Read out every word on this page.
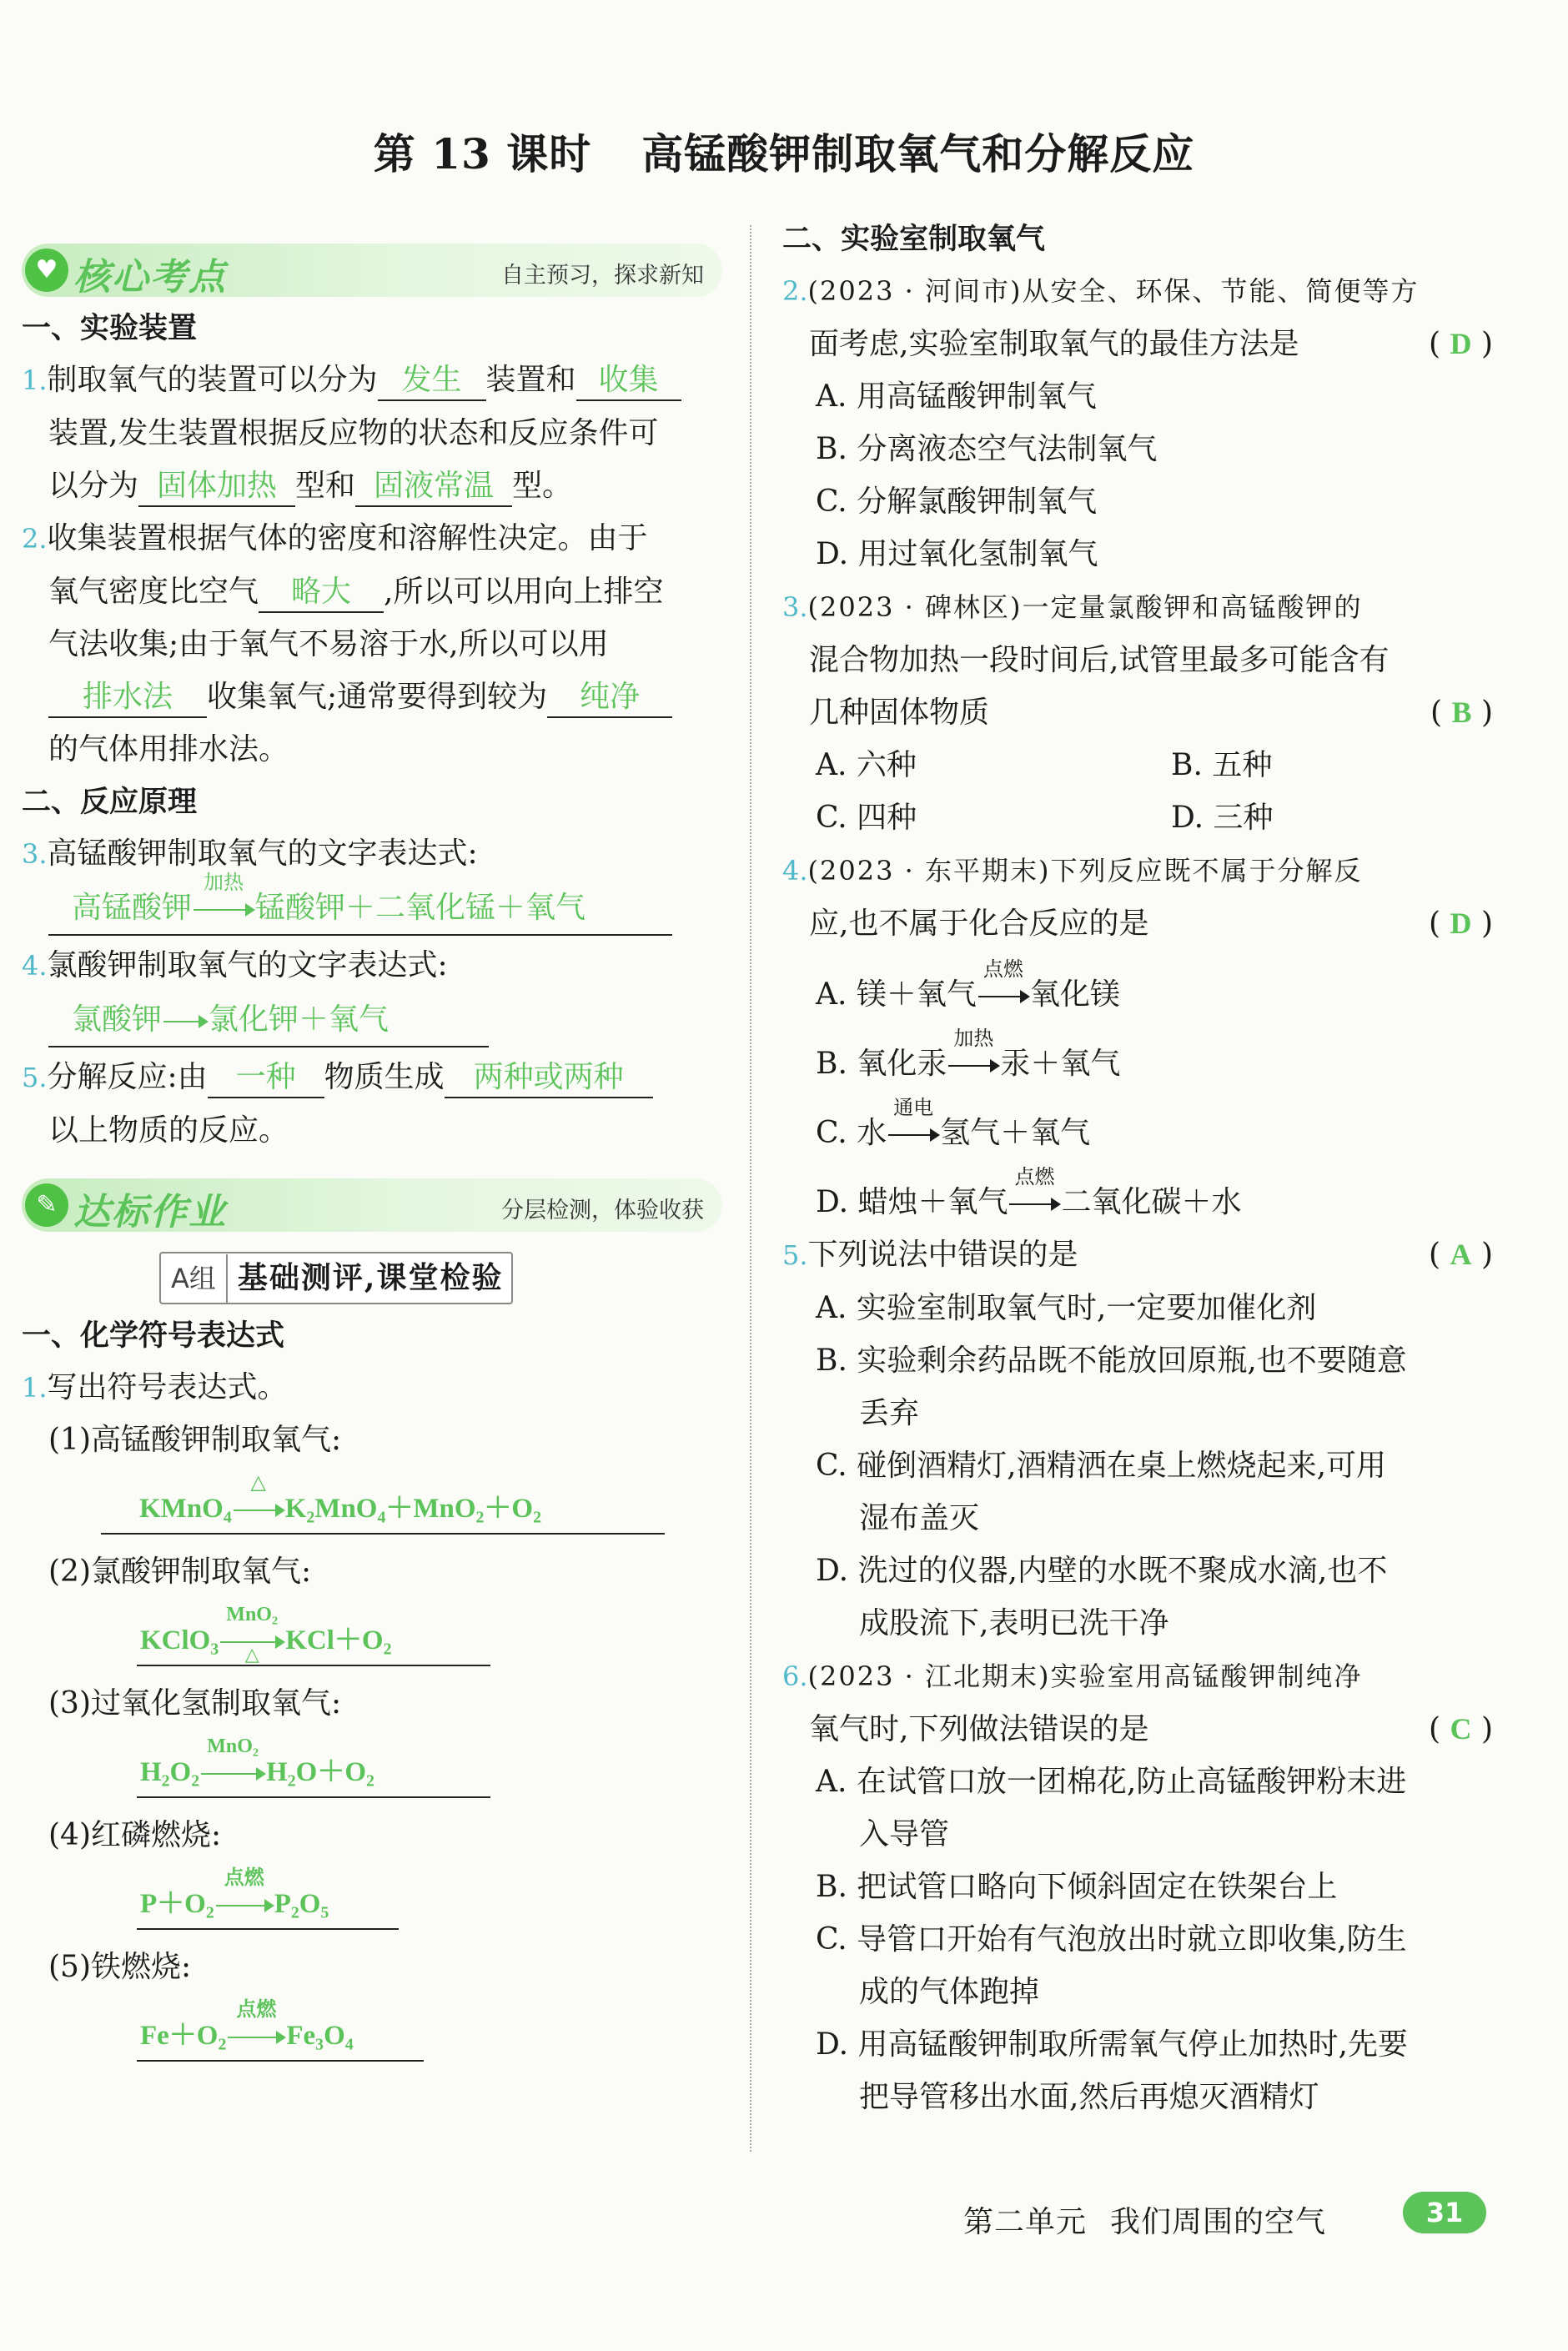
第 13 课时 高锰酸钾制取氧气和分解反应
♥ 核心考点	自主预习，探求新知
一、实验装置

1.制取氧气的装置可以分为 发生 装置和 收集

装置,发生装置根据反应物的状态和反应条件可

以分为 固体加热 型和 固液常温 型。

2.收集装置根据气体的密度和溶解性决定。由于

氧气密度比空气 略大 ,所以可以用向上排空

气法收集;由于氧气不易溶于水,所以可以用

排水法 收集氧气;通常要得到较为 纯净

的气体用排水法。

二、反应原理

3.高锰酸钾制取氧气的文字表达式:

高锰酸钾
加热
锰酸钾＋二氧化锰＋氧气

4.氯酸钾制取氧气的文字表达式:

氯酸钾 氯化钾＋氧气

5.分解反应:由 一种 物质生成 两种或两种

以上物质的反应。

✎ 达标作业	分层检测，体验收获
A组 基础测评,课堂检验
一、化学符号表达式

1.写出符号表达式。

(1)高锰酸钾制取氧气:
KMnO₄
△
K₂MnO₄＋MnO₂＋O₂
(2)氯酸钾制取氧气:
KClO₃
MnO₂
△ KCl＋O₂
(3)过氧化氢制取氧气:
H₂O₂
MnO₂
H₂O＋O₂
(4)红磷燃烧:
P＋O₂
点燃
P₂O₅
(5)铁燃烧:
Fe＋O₂
点燃
Fe₃O₄
二、实验室制取氧气

2.(2023 · 河间市)从安全、环保、节能、简便等方

面考虑,实验室制取氧气的最佳方法是	( D )

A. 用高锰酸钾制氧气

B. 分离液态空气法制氧气

C. 分解氯酸钾制氧气

D. 用过氧化氢制氧气

3.(2023 · 碑林区)一定量氯酸钾和高锰酸钾的

混合物加热一段时间后,试管里最多可能含有

几种固体物质	( B )

A. 六种	B. 五种

C. 四种	D. 三种

4.(2023 · 东平期末)下列反应既不属于分解反

应,也不属于化合反应的是	( D )

A. 镁＋氧气
点燃
氧化镁

B. 氧化汞
加热
汞＋氧气

C. 水
通电
氢气＋氧气

D. 蜡烛＋氧气
点燃
二氧化碳＋水

5.下列说法中错误的是	( A )

A. 实验室制取氧气时,一定要加催化剂

B. 实验剩余药品既不能放回原瓶,也不要随意

丢弃

C. 碰倒酒精灯,酒精洒在桌上燃烧起来,可用

湿布盖灭

D. 洗过的仪器,内壁的水既不聚成水滴,也不

成股流下,表明已洗干净

6.(2023 · 江北期末)实验室用高锰酸钾制纯净

氧气时,下列做法错误的是	( C )

A. 在试管口放一团棉花,防止高锰酸钾粉末进

入导管

B. 把试管口略向下倾斜固定在铁架台上

C. 导管口开始有气泡放出时就立即收集,防生

成的气体跑掉

D. 用高锰酸钾制取所需氧气停止加热时,先要

把导管移出水面,然后再熄灭酒精灯

第二单元 我们周围的空气	31
